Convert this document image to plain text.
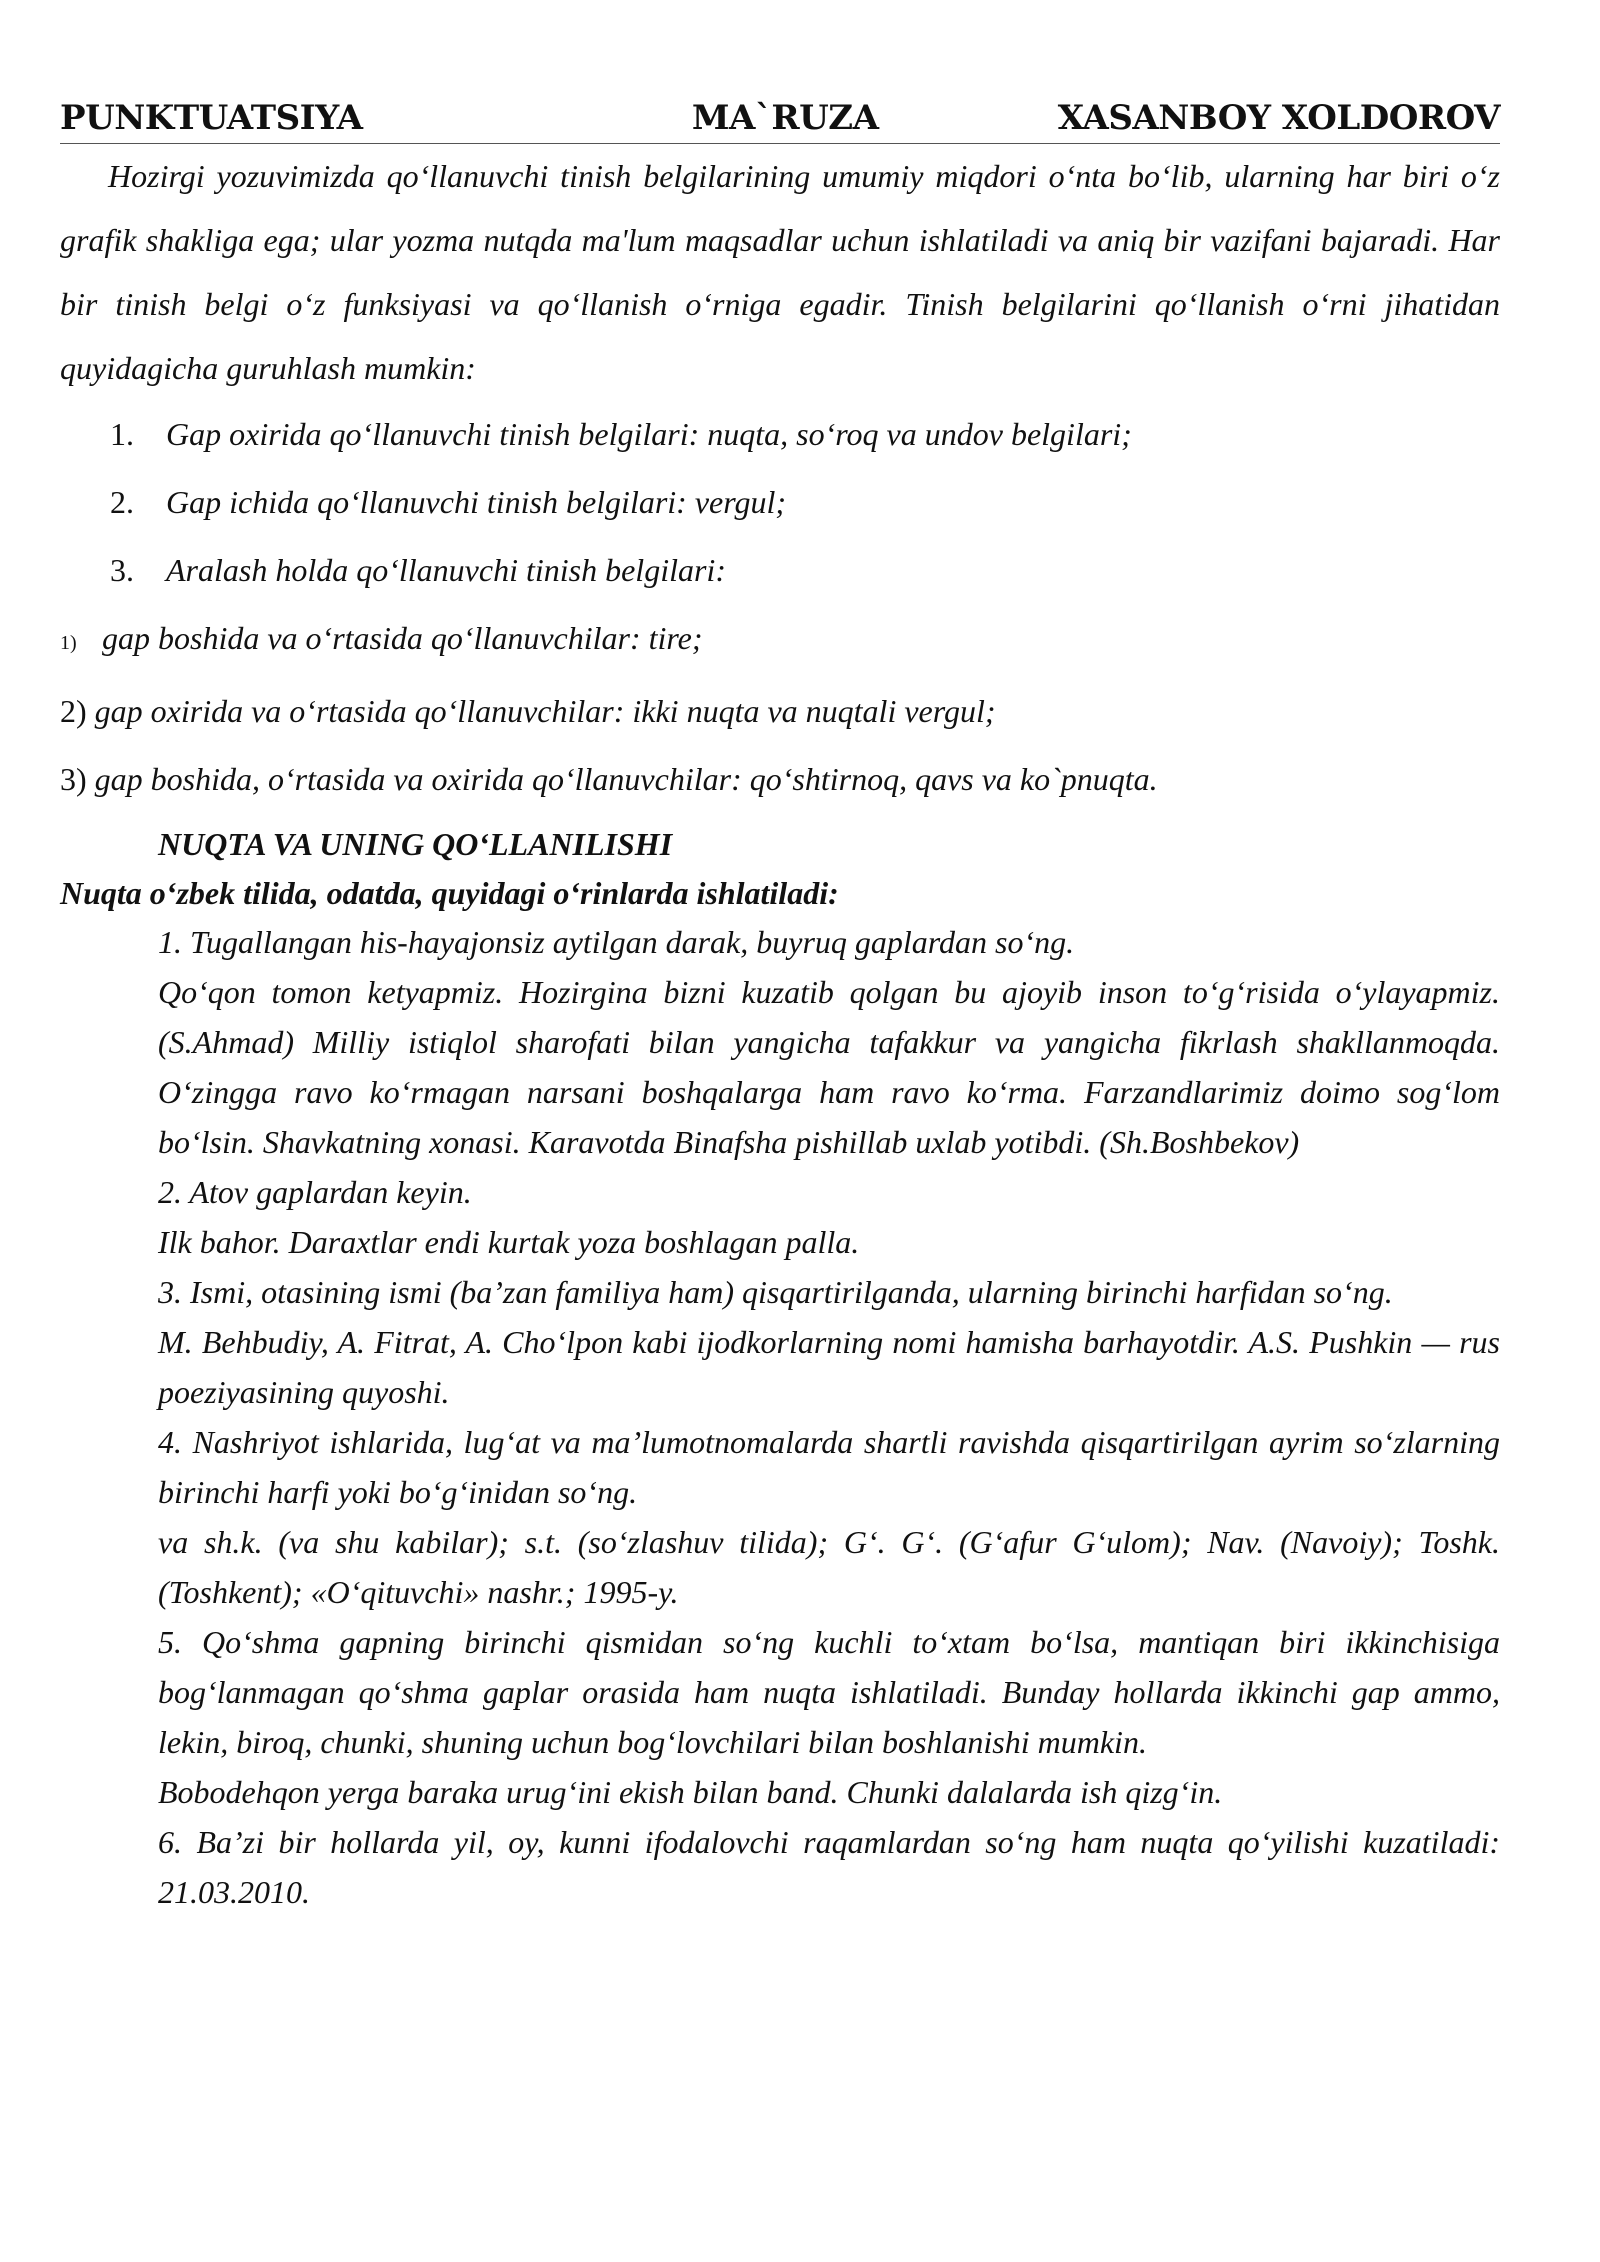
PUNKTUATSIYA	MA`RUZA	XASANBOY XOLDOROV

Hozirgi yozuvimizda qo‘llanuvchi tinish belgilarining umumiy miqdori o‘nta bo‘lib, ularning har biri o‘z grafik shakliga ega; ular yozma nutqda ma'lum maqsadlar uchun ishlatiladi va aniq bir vazifani bajaradi. Har bir tinish belgi o‘z funksiyasi va qo‘llanish o‘rniga egadir. Tinish belgilarini qo‘llanish o‘rni jihatidan quyidagicha guruhlash mumkin:

1. Gap oxirida qo‘llanuvchi tinish belgilari: nuqta, so‘roq va undov belgilari;
2. Gap ichida qo‘llanuvchi tinish belgilari: vergul;
3. Aralash holda qo‘llanuvchi tinish belgilari:
1) gap boshida va o‘rtasida qo‘llanuvchilar: tire;
2) gap oxirida va o‘rtasida qo‘llanuvchilar: ikki nuqta va nuqtali vergul;
3) gap boshida, o‘rtasida va oxirida qo‘llanuvchilar: qo‘shtirnoq, qavs va ko`pnuqta.
NUQTA VA UNING QO‘LLANILISHI
Nuqta o‘zbek tilida, odatda, quyidagi o‘rinlarda ishlatiladi:

1. Tugallangan his-hayajonsiz aytilgan darak, buyruq gaplardan so‘ng.

Qo‘qon tomon ketyapmiz. Hozirgina bizni kuzatib qolgan bu ajoyib inson to‘g‘risida o‘ylayapmiz. (S.Ahmad) Milliy istiqlol sharofati bilan yangicha tafakkur va yangicha fikrlash shakllanmoqda. O‘zingga ravo ko‘rmagan narsani boshqalarga ham ravo ko‘rma. Farzandlarimiz doimo sog‘lom bo‘lsin. Shavkatning xonasi. Karavotda Binafsha pishillab uxlab yotibdi. (Sh.Boshbekov)

2. Atov gaplardan keyin.

Ilk bahor. Daraxtlar endi kurtak yoza boshlagan palla.

3. Ismi, otasining ismi (ba’zan familiya ham) qisqartirilganda, ularning birinchi harfidan so‘ng.

M. Behbudiy, A. Fitrat, A. Cho‘lpon kabi ijodkorlarning nomi hamisha barhayotdir. A.S. Pushkin — rus poeziyasining quyoshi.

4. Nashriyot ishlarida, lug‘at va ma’lumotnomalarda shartli ravishda qisqartirilgan ayrim so‘zlarning birinchi harfi yoki bo‘g‘inidan so‘ng.

va sh.k. (va shu kabilar); s.t. (so‘zlashuv tilida); G‘. G‘. (G‘afur G‘ulom); Nav. (Navoiy); Toshk. (Toshkent); «O‘qituvchi» nashr.; 1995-y.

5. Qo‘shma gapning birinchi qismidan so‘ng kuchli to‘xtam bo‘lsa, mantiqan biri ikkinchisiga bog‘lanmagan qo‘shma gaplar orasida ham nuqta ishlatiladi. Bunday hollarda ikkinchi gap ammo, lekin, biroq, chunki, shuning uchun bog‘lovchilari bilan boshlanishi mumkin.

Bobodehqon yerga baraka urug‘ini ekish bilan band. Chunki dalalarda ish qizg‘in.

6. Ba’zi bir hollarda yil, oy, kunni ifodalovchi raqamlardan so‘ng ham nuqta qo‘yilishi kuzatiladi: 21.03.2010.
